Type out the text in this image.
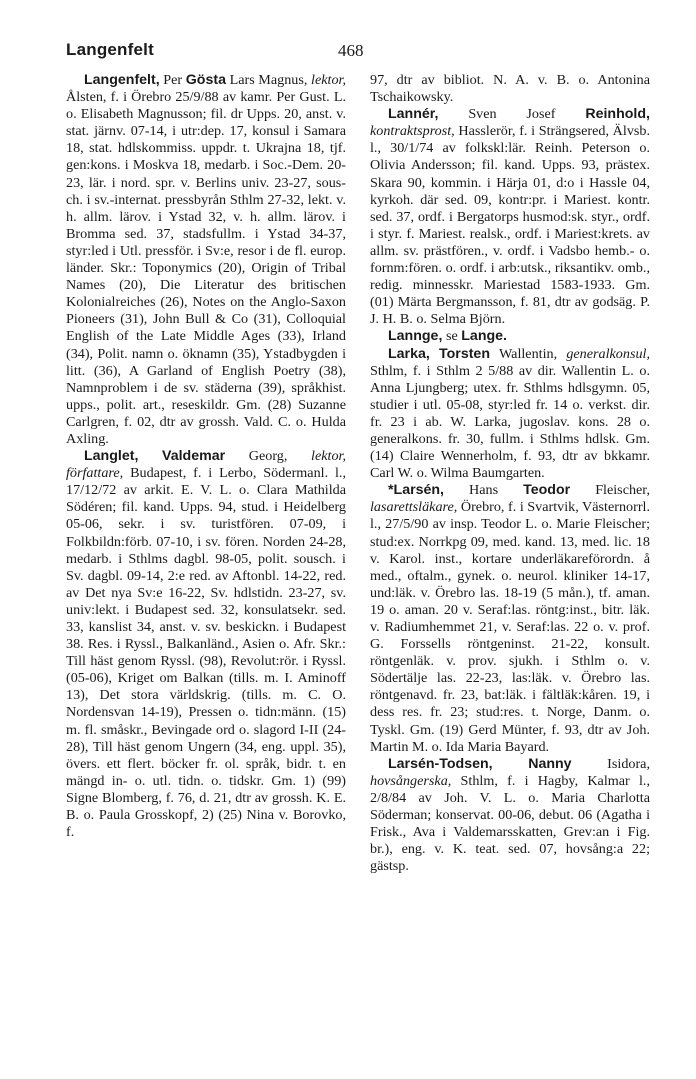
Langenfelt	468

Langenfelt, Per Gösta Lars Magnus, lektor, Ålsten, f. i Örebro 25/9/88 av kamr. Per Gust. L. o. Elisabeth Magnusson; fil. dr Upps. 20, anst. v. stat. järnv. 07-14, i utr:dep. 17, konsul i Samara 18, stat. hdlskommiss. uppdr. t. Ukrajna 18, tjf. gen:kons. i Moskva 18, medarb. i Soc.-Dem. 20-23, lär. i nord. spr. v. Berlins univ. 23-27, sous-ch. i sv.-internat. pressbyrån Sthlm 27-32, lekt. v. h. allm. lärov. i Ystad 32, v. h. allm. lärov. i Bromma sed. 37, stadsfullm. i Ystad 34-37, styr:led i Utl. pressför. i Sv:e, resor i de fl. europ. länder. Skr.: Toponymics (20), Origin of Tribal Names (20), Die Literatur des britischen Kolonialreiches (26), Notes on the Anglo-Saxon Pioneers (31), John Bull & Co (31), Colloquial English of the Late Middle Ages (33), Irland (34), Polit. namn o. öknamn (35), Ystadbygden i litt. (36), A Garland of English Poetry (38), Namnproblem i de sv. städerna (39), språkhist. upps., polit. art., reseskildr. Gm. (28) Suzanne Carlgren, f. 02, dtr av grossh. Vald. C. o. Hulda Axling.

Langlet, Valdemar Georg, lektor, författare, Budapest, f. i Lerbo, Södermanl. l., 17/12/72 av arkit. E. V. L. o. Clara Mathilda Södéren; fil. kand. Upps. 94, stud. i Heidelberg 05-06, sekr. i sv. turistfören. 07-09, i Folkbildn:förb. 07-10, i sv. fören. Norden 24-28, medarb. i Sthlms dagbl. 98-05, polit. sousch. i Sv. dagbl. 09-14, 2:e red. av Aftonbl. 14-22, red. av Det nya Sv:e 16-22, Sv. hdlstidn. 23-27, sv. univ:lekt. i Budapest sed. 32, konsulatsekr. sed. 33, kanslist 34, anst. v. sv. beskickn. i Budapest 38. Res. i Ryssl., Balkanländ., Asien o. Afr. Skr.: Till häst genom Ryssl. (98), Revolut:rör. i Ryssl. (05-06), Kriget om Balkan (tills. m. I. Aminoff 13), Det stora världskrig. (tills. m. C. O. Nordensvan 14-19), Pressen o. tidn:männ. (15) m. fl. småskr., Bevingade ord o. slagord I-II (24-28), Till häst genom Ungern (34, eng. uppl. 35), övers. ett flert. böcker fr. ol. språk, bidr. t. en mängd in- o. utl. tidn. o. tidskr. Gm. 1) (99) Signe Blomberg, f. 76, d. 21, dtr av grossh. K. E. B. o. Paula Grosskopf, 2) (25) Nina v. Borovko, f.

97, dtr av bibliot. N. A. v. B. o. Antonina Tschaikowsky.

Lannér, Sven Josef Reinhold, kontraktsprost, Hasslerör, f. i Strängsered, Älvsb. l., 30/1/74 av folkskl:lär. Reinh. Peterson o. Olivia Andersson; fil. kand. Upps. 93, prästex. Skara 90, kommin. i Härja 01, d:o i Hassle 04, kyrkoh. där sed. 09, kontr:pr. i Mariest. kontr. sed. 37, ordf. i Bergatorps husmod:sk. styr., ordf. i styr. f. Mariest. realsk., ordf. i Mariest:krets. av allm. sv. prästfören., v. ordf. i Vadsbo hemb.- o. fornm:fören. o. ordf. i arb:utsk., riksantikv. omb., redig. minnesskr. Mariestad 1583-1933. Gm. (01) Märta Bergmansson, f. 81, dtr av godsäg. P. J. H. B. o. Selma Björn.

Lannge, se Lange.

Larka, Torsten Wallentin, generalkonsul, Sthlm, f. i Sthlm 2 5/88 av dir. Wallentin L. o. Anna Ljungberg; utex. fr. Sthlms hdlsgymn. 05, studier i utl. 05-08, styr:led fr. 14 o. verkst. dir. fr. 23 i ab. W. Larka, jugoslav. kons. 28 o. generalkons. fr. 30, fullm. i Sthlms hdlsk. Gm. (14) Claire Wennerholm, f. 93, dtr av bkkamr. Carl W. o. Wilma Baumgarten.

*Larsén, Hans Teodor Fleischer, lasarettsläkare, Örebro, f. i Svartvik, Västernorrl. l., 27/5/90 av insp. Teodor L. o. Marie Fleischer; stud:ex. Norrkpg 09, med. kand. 13, med. lic. 18 v. Karol. inst., kortare underläkareförordn. å med., oftalm., gynek. o. neurol. kliniker 14-17, und:läk. v. Örebro las. 18-19 (5 mån.), tf. aman. 19 o. aman. 20 v. Seraf:las. röntg:inst., bitr. läk. v. Radiumhemmet 21, v. Seraf:las. 22 o. v. prof. G. Forssells röntgeninst. 21-22, konsult. röntgenläk. v. prov. sjukh. i Sthlm o. v. Södertälje las. 22-23, las:läk. v. Örebro las. röntgenavd. fr. 23, bat:läk. i fältläk:kåren. 19, i dess res. fr. 23; stud:res. t. Norge, Danm. o. Tyskl. Gm. (19) Gerd Münter, f. 93, dtr av Joh. Martin M. o. Ida Maria Bayard.

Larsén-Todsen,	Nanny	Isidora, hovsångerska, Sthlm, f. i Hagby, Kalmar l., 2/8/84 av Joh. V. L. o. Maria Charlotta Söderman; konservat. 00-06, debut. 06 (Agatha i Frisk., Ava i Valdemarsskatten, Grev:an i Fig. br.), eng. v. K. teat. sed. 07, hovsång:a 22; gästsp.
